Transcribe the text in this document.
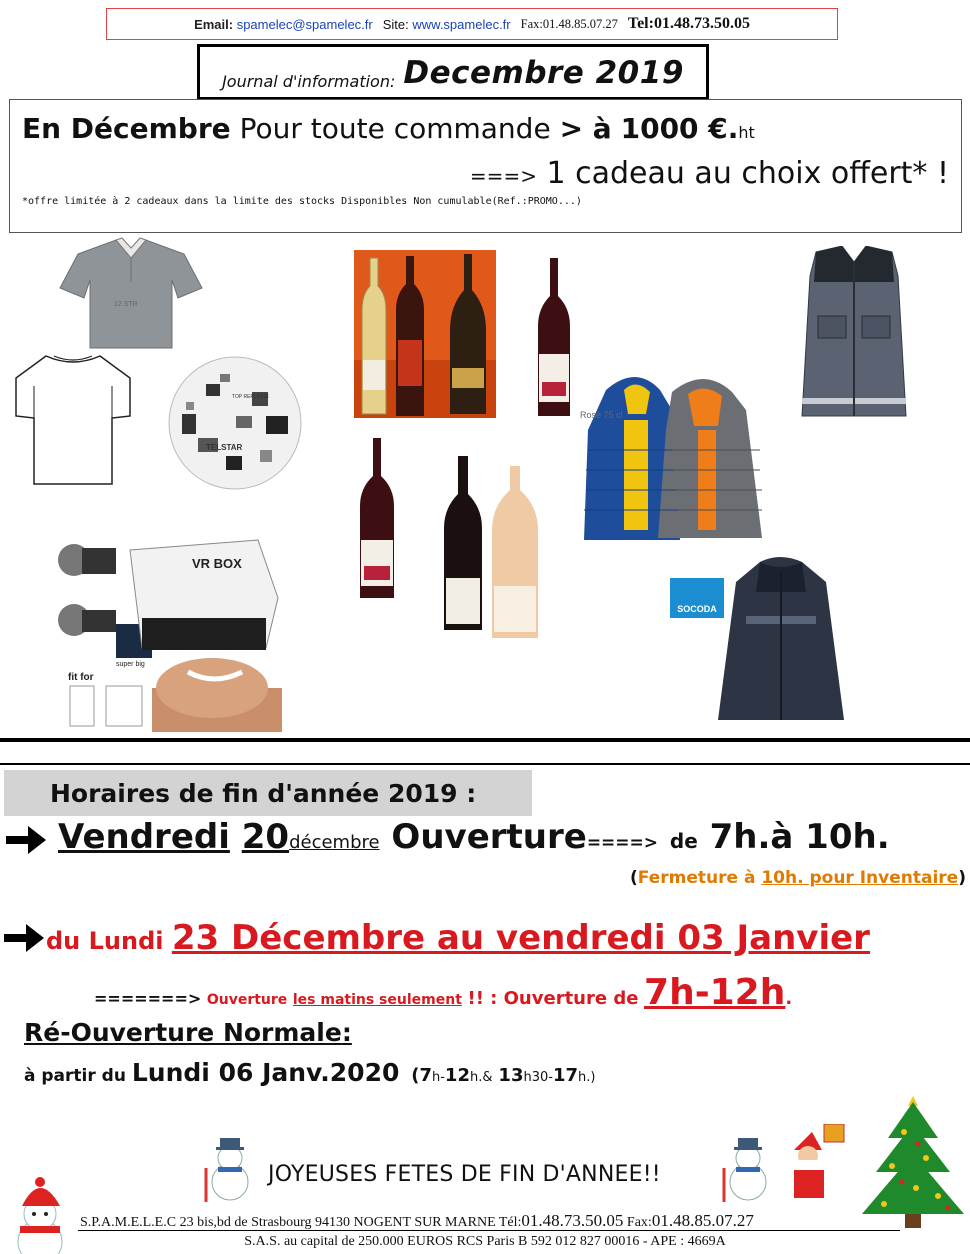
Email: spamelec@spamelec.fr Site: www.spamelec.fr Fax:01.48.85.07.27 Tel:01.48.73.50.05
Journal d'information: Decembre 2019
En Décembre Pour toute commande > à 1000 €.ht
===> 1 cadeau au choix offert* !
*offre limitée à 2 cadeaux dans la limite des stocks Disponibles Non cumulable(Ref.:PROMO...)
12 STR
TELSTAR
TOP REPLIQUE
Rosé 75 cl
super big
fit for
VR BOX
SOCODA
Horaires de fin d'année 2019 :
Vendredi 20décembre Ouverture====> de 7h.à 10h.
(Fermeture à 10h. pour Inventaire)
du Lundi 23 Décembre au vendredi 03 Janvier
=======> Ouverture les matins seulement !! : Ouverture de 7h-12h.
Ré-Ouverture Normale:
à partir du Lundi 06 Janv.2020 (7h-12h.& 13h30-17h.)
JOYEUSES FETES DE FIN D'ANNEE!!
S.P.A.M.E.L.E.C 23 bis,bd de Strasbourg 94130 NOGENT SUR MARNE Tél:01.48.73.50.05 Fax:01.48.85.07.27
S.A.S. au capital de 250.000 EUROS RCS Paris B 592 012 827 00016 - APE : 4669A
